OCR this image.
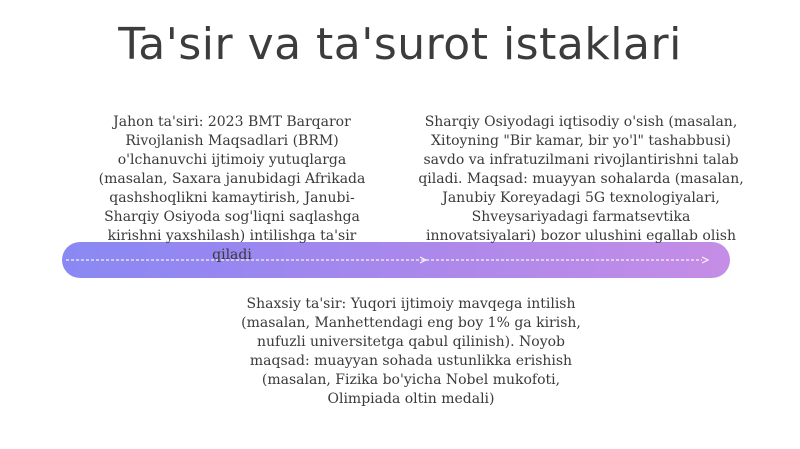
Ta'sir va ta'surot istaklari
Jahon ta'siri: 2023 BMT Barqaror Rivojlanish Maqsadlari (BRM) o'lchanuvchi ijtimoiy yutuqlarga (masalan, Saxara janubidagi Afrikada qashshoqlikni kamaytirish, Janubi-Sharqiy Osiyoda sog'liqni saqlashga kirishni yaxshilash) intilishga ta'sir qiladi
Sharqiy Osiyodagi iqtisodiy o'sish (masalan, Xitoyning "Bir kamar, bir yo'l" tashabbusi) savdo va infratuzilmani rivojlantirishni talab qiladi. Maqsad: muayyan sohalarda (masalan, Janubiy Koreyadagi 5G texnologiyalari, Shveysariyadagi farmatsevtika innovatsiyalari) bozor ulushini egallab olish
Shaxsiy ta'sir: Yuqori ijtimoiy mavqega intilish (masalan, Manhettendagi eng boy 1% ga kirish, nufuzli universitetga qabul qilinish). Noyob maqsad: muayyan sohada ustunlikka erishish (masalan, Fizika bo'yicha Nobel mukofoti, Olimpiada oltin medali)
